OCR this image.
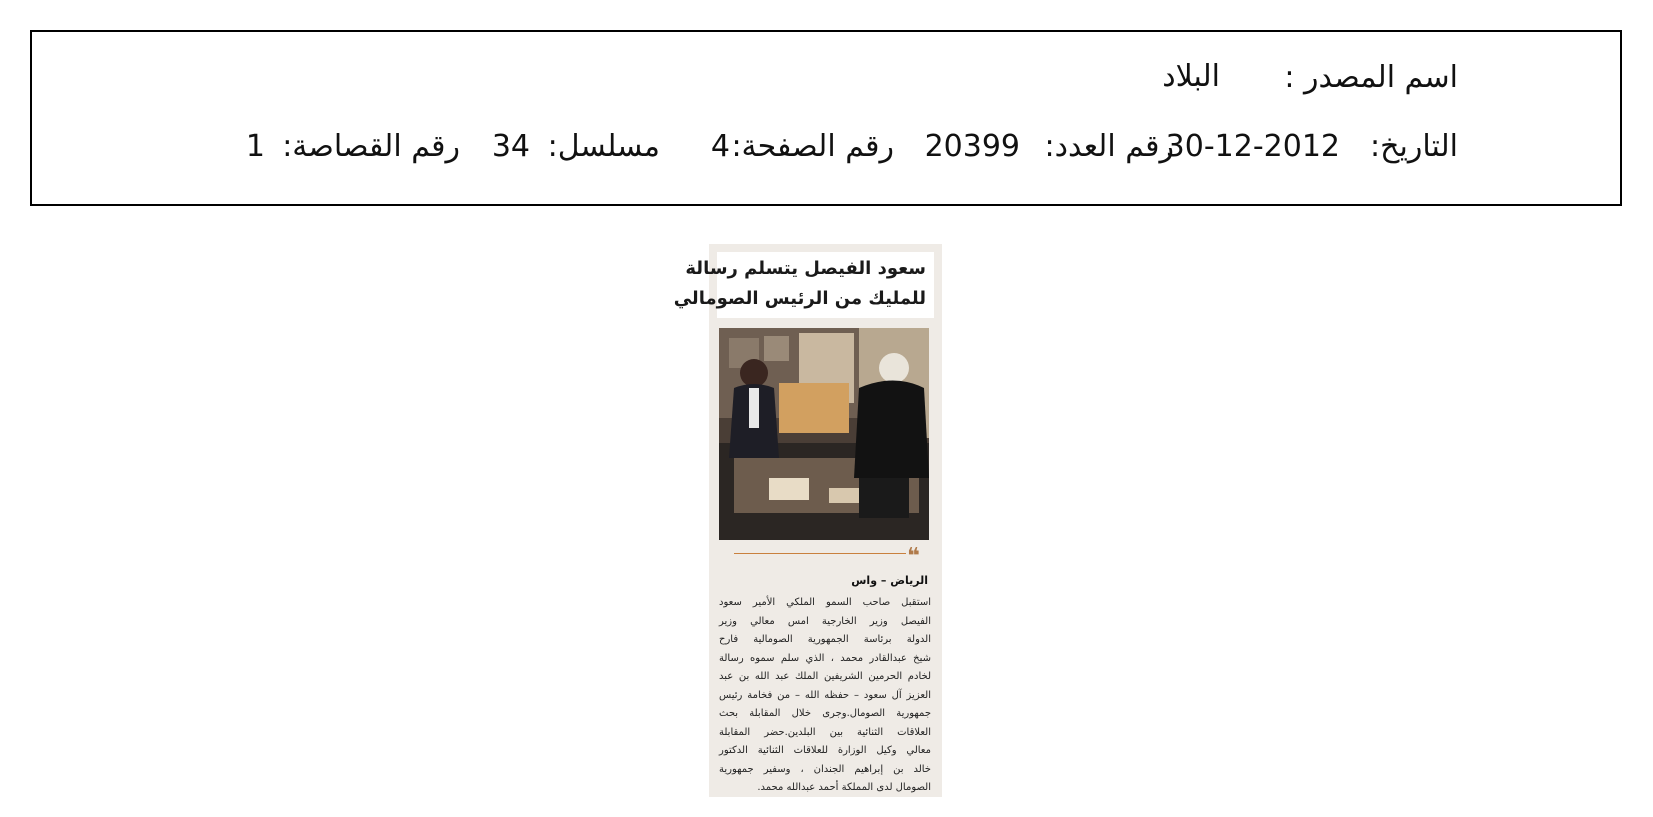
اسم المصدر :
البلاد
التاريخ:
30-12-2012
رقم العدد:
20399
رقم الصفحة:
4
مسلسل:
34
رقم القصاصة:
1
سعود الفيصل يتسلم رسالة
للمليك من الرئيس الصومالي
❝
الرياض – واس
استقبل صاحب السمو الملكي الأمير سعود
الفيصل وزير الخارجية امس معالي وزير
الدولة برئاسة الجمهورية الصومالية فارح
شيخ عبدالقادر محمد ، الذي سلم سموه رسالة
لخادم الحرمين الشريفين الملك عبد الله بن عبد
العزيز آل سعود – حفظه الله – من فخامة رئيس
جمهورية الصومال.وجرى خلال المقابلة بحث
العلاقات الثنائية بين البلدين.حضر المقابلة
معالي وكيل الوزارة للعلاقات الثنائية الدكتور
خالد بن إبراهيم الجندان ، وسفير جمهورية
الصومال لدى المملكة أحمد عبدالله محمد.
